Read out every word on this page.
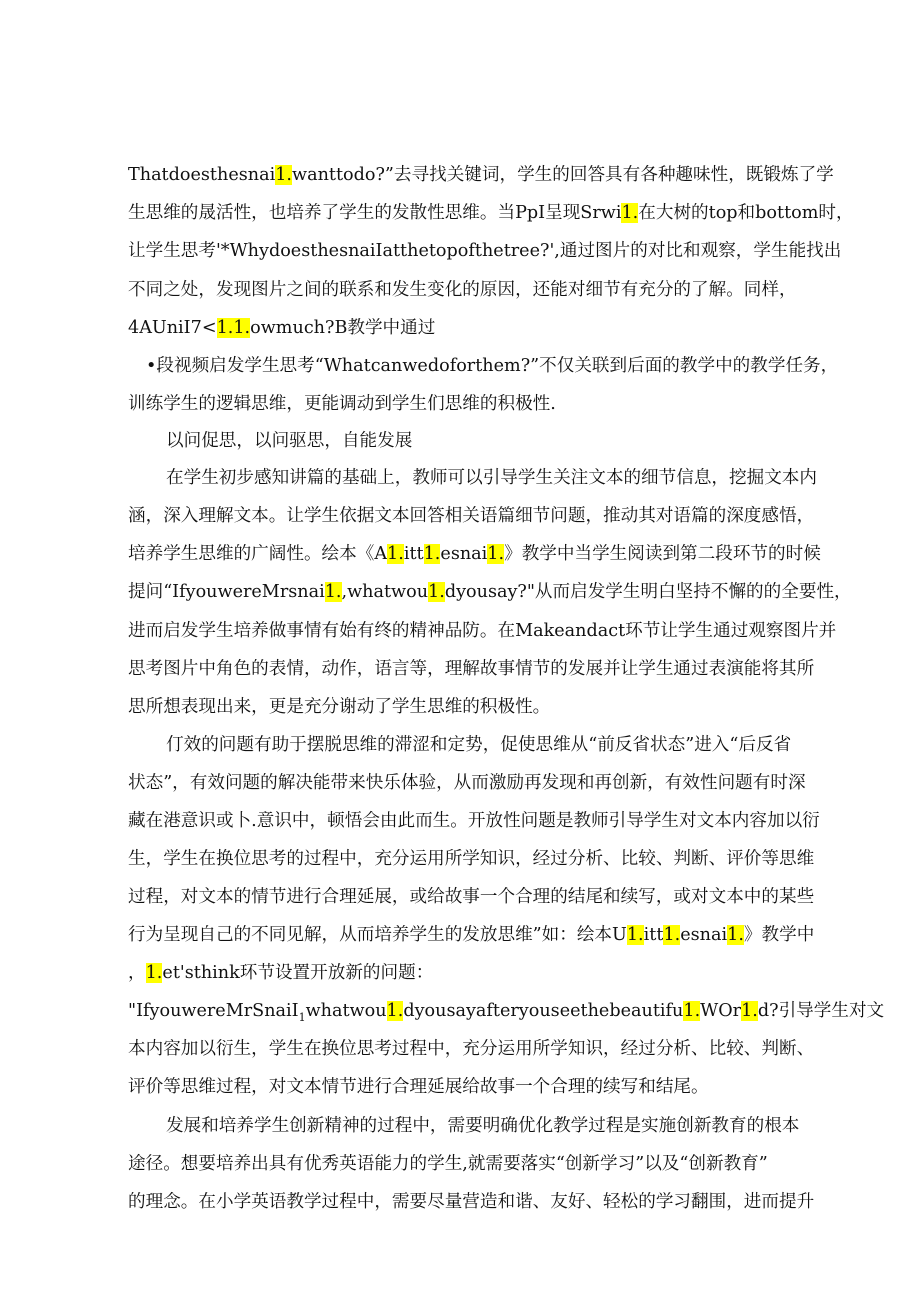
Thatdoesthesnai1.wanttodo?”去寻找关键词，学生的回答具有各种趣味性，既锻炼了学
生思维的晟活性，也培养了学生的发散性思维。当PpI呈现Srwi1.在大树的top和bottom时，
让学生思考'*WhydoesthesnaiIatthetopofthetree?',通过图片的对比和观察，学生能找出
不同之处，发现图片之间的联系和发生变化的原因，还能对细节有充分的了解。同样，
4AUniI7<1.1.owmuch?B教学中通过
•段视频启发学生思考“Whatcanwedoforthem?”不仅关联到后面的教学中的教学任务，
训练学生的逻辑思维，更能调动到学生们思维的积极性.
以问促思，以问驱思，自能发展
在学生初步感知讲篇的基础上，教师可以引导学生关注文本的细节信息，挖掘文本内
涵，深入理解文本。让学生依据文本回答相关语篇细节问题，推动其对语篇的深度感悟，
培养学生思维的广阔性。绘本《A1.itt1.esnai1.》教学中当学生阅读到第二段环节的时候
提问“IfyouwereMrsnai1.,whatwou1.dyousay?"从而启发学生明白坚持不懈的的全要性，
进而启发学生培养做事情有始有终的精神品防。在Makeandact环节让学生通过观察图片并
思考图片中角色的表情，动作，语言等，理解故事情节的发展并让学生通过表演能将其所
思所想表现出来，更是充分谢动了学生思维的积极性。
仃效的问题有助于摆脱思维的滞涩和定势，促使思维从“前反省状态”进入“后反省
状态”，有效问题的解决能带来快乐体验，从而激励再发现和再创新，有效性问题有时深
藏在港意识或卜.意识中，顿悟会由此而生。开放性问题是教师引导学生对文本内容加以衍
生，学生在换位思考的过程中，充分运用所学知识，经过分析、比较、判断、评价等思维
过程，对文本的情节进行合理延展，或给故事一个合理的结尾和续写，或对文本中的某些
行为呈现自己的不同见解，从而培养学生的发放思维”如：绘本U1.itt1.esnai1.》教学中
，1.et'sthink环节设置开放新的问题：
"IfyouwereMrSnaiI$_1$whatwou1.dyousayafteryouseethebeautifu1.WOr1.d?引导学生对文
本内容加以衍生，学生在换位思考过程中，充分运用所学知识，经过分析、比较、判断、
评价等思维过程，对文本情节进行合理延展给故事一个合理的续写和结尾。
发展和培养学生创新精神的过程中，需要明确优化教学过程是实施创新教育的根本
途径。想要培养出具有优秀英语能力的学生,就需要落实“创新学习”以及“创新教育”
的理念。在小学英语教学过程中，需要尽量营造和谐、友好、轻松的学习翻围，进而提升
